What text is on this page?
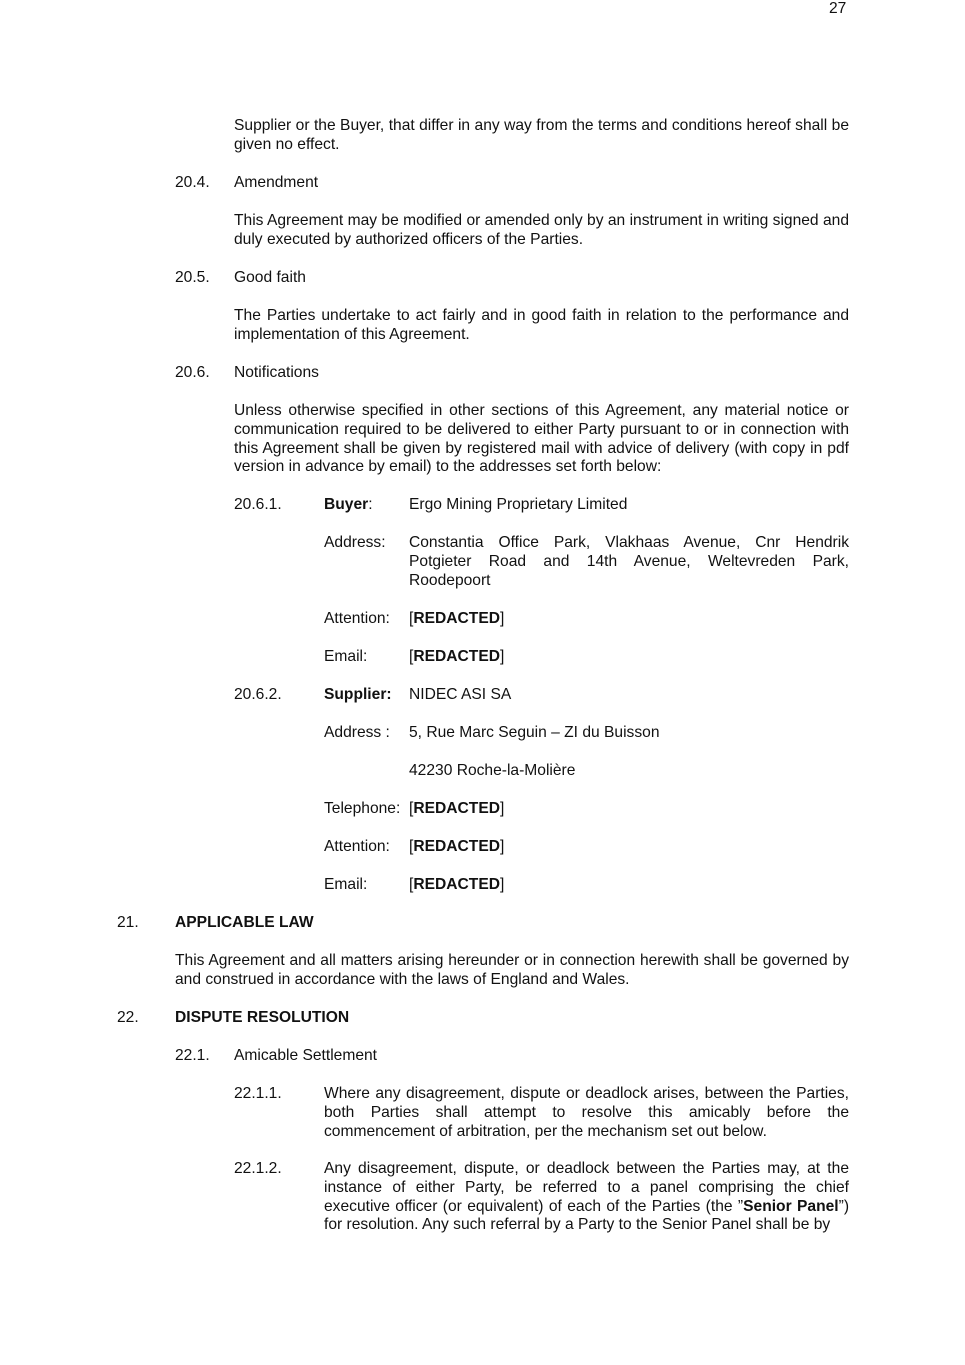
27

Supplier or the Buyer, that differ in any way from the terms and conditions hereof shall be given no effect.

20.4. Amendment

This Agreement may be modified or amended only by an instrument in writing signed and duly executed by authorized officers of the Parties.

20.5. Good faith

The Parties undertake to act fairly and in good faith in relation to the performance and implementation of this Agreement.

20.6. Notifications

Unless otherwise specified in other sections of this Agreement, any material notice or communication required to be delivered to either Party pursuant to or in connection with this Agreement shall be given by registered mail with advice of delivery (with copy in pdf version in advance by email) to the addresses set forth below:

20.6.1.	Buyer: Ergo Mining Proprietary Limited
Address: Constantia Office Park, Vlakhaas Avenue, Cnr Hendrik Potgieter Road and 14th Avenue, Weltevreden Park, Roodepoort

Attention: [REDACTED]
Email:	[REDACTED]
20.6.2.	Supplier: NIDEC ASI SA
Address : 5, Rue Marc Seguin – ZI du Buisson
42230 Roche-la-Molière
Telephone: [REDACTED]
Attention: [REDACTED]
Email:	[REDACTED]
21. APPLICABLE LAW

This Agreement and all matters arising hereunder or in connection herewith shall be governed by and construed in accordance with the laws of England and Wales.

22. DISPUTE RESOLUTION
22.1. Amicable Settlement
22.1.1.	Where any disagreement, dispute or deadlock arises, between the Parties, both Parties shall attempt to resolve this amicably before the commencement of arbitration, per the mechanism set out below.

22.1.2.	Any disagreement, dispute, or deadlock between the Parties may, at the instance of either Party, be referred to a panel comprising the chief executive officer (or equivalent) of each of the Parties (the ”Senior Panel”) for resolution. Any such referral by a Party to the Senior Panel shall be by
